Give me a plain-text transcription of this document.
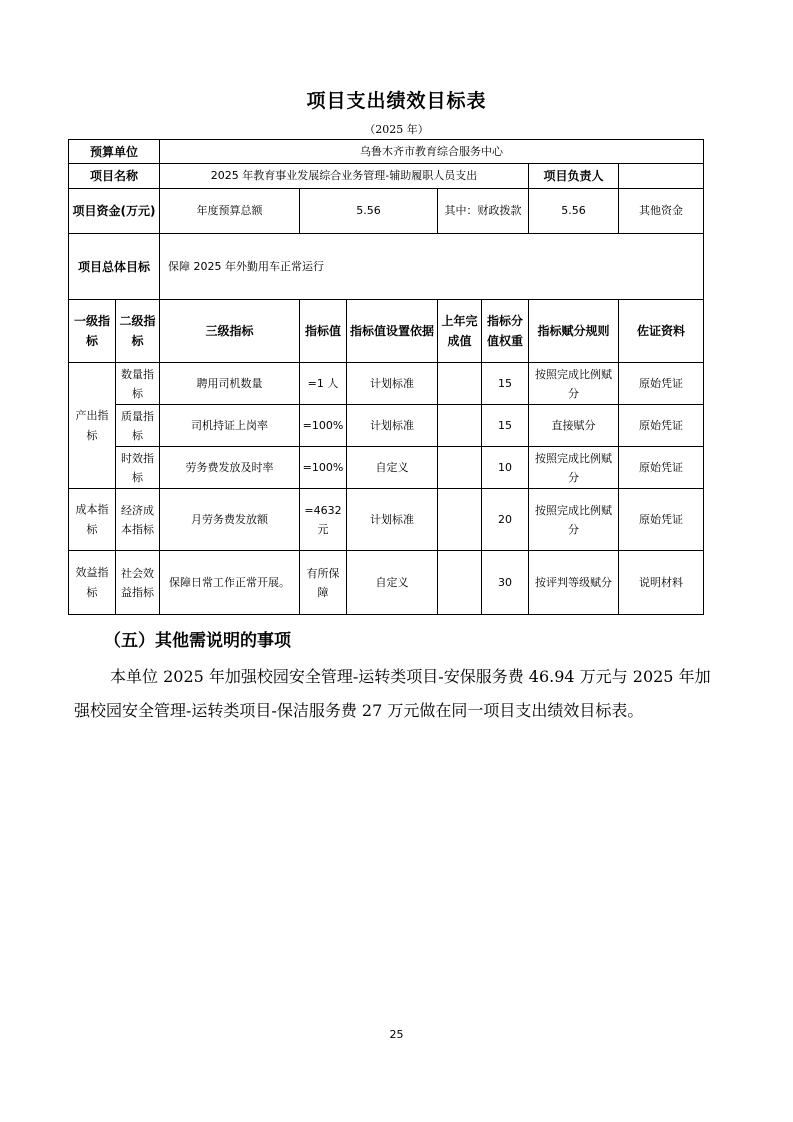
项目支出绩效目标表
（2025 年）
预算单位		乌鲁木齐市教育综合服务中心							
项目名称		2025 年教育事业发展综合业务管理-辅助履职人员支出					项目负责人		
项目资金(万元)		年度预算总额	5.56		其中：财政拨款		5.56	其他资金	
项目总体目标		保障 2025 年外勤用车正常运行							
一级指标	二级指标	三级指标	指标值	指标值设置依据	上年完成值	指标分值权重	指标赋分规则	佐证资料	
产出指标	数量指标	聘用司机数量	=1 人	计划标准		15	按照完成比例赋分	原始凭证	
	质量指标	司机持证上岗率	=100%	计划标准		15	直接赋分	原始凭证	
	时效指标	劳务费发放及时率	=100%	自定义		10	按照完成比例赋分	原始凭证	
成本指标	经济成本指标	月劳务费发放额	=4632元	计划标准		20	按照完成比例赋分	原始凭证	
效益指标	社会效益指标	保障日常工作正常开展。	有所保障	自定义		30	按评判等级赋分	说明材料	
（五）其他需说明的事项
本单位 2025 年加强校园安全管理-运转类项目-安保服务费 46.94 万元与 2025 年加强校园安全管理-运转类项目-保洁服务费 27 万元做在同一项目支出绩效目标表。
25
